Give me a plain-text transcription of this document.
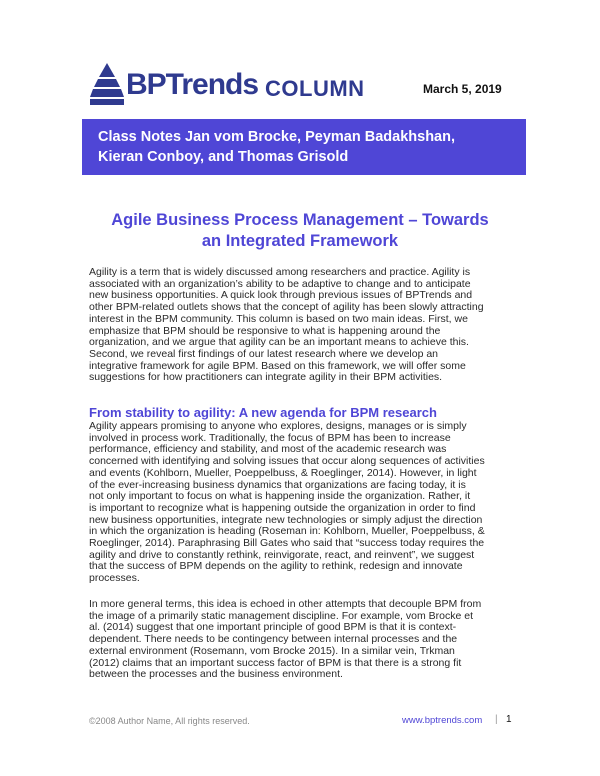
BPTrends COLUMN	March 5, 2019
Class Notes Jan vom Brocke, Peyman Badakhshan,
Kieran Conboy, and Thomas Grisold
Agile Business Process Management – Towards
an Integrated Framework
Agility is a term that is widely discussed among researchers and practice. Agility is
associated with an organization’s ability to be adaptive to change and to anticipate
new business opportunities. A quick look through previous issues of BPTrends and
other BPM-related outlets shows that the concept of agility has been slowly attracting
interest in the BPM community. This column is based on two main ideas. First, we
emphasize that BPM should be responsive to what is happening around the
organization, and we argue that agility can be an important means to achieve this.
Second, we reveal first findings of our latest research where we develop an
integrative framework for agile BPM. Based on this framework, we will offer some
suggestions for how practitioners can integrate agility in their BPM activities.
From stability to agility: A new agenda for BPM research
Agility appears promising to anyone who explores, designs, manages or is simply
involved in process work. Traditionally, the focus of BPM has been to increase
performance, efficiency and stability, and most of the academic research was
concerned with identifying and solving issues that occur along sequences of activities
and events (Kohlborn, Mueller, Poeppelbuss, & Roeglinger, 2014). However, in light
of the ever-increasing business dynamics that organizations are facing today, it is
not only important to focus on what is happening inside the organization. Rather, it
is important to recognize what is happening outside the organization in order to find
new business opportunities, integrate new technologies or simply adjust the direction
in which the organization is heading (Roseman in: Kohlborn, Mueller, Poeppelbuss, &
Roeglinger, 2014). Paraphrasing Bill Gates who said that “success today requires the
agility and drive to constantly rethink, reinvigorate, react, and reinvent”, we suggest
that the success of BPM depends on the agility to rethink, redesign and innovate
processes.
In more general terms, this idea is echoed in other attempts that decouple BPM from
the image of a primarily static management discipline. For example, vom Brocke et
al. (2014) suggest that one important principle of good BPM is that it is context-
dependent. There needs to be contingency between internal processes and the
external environment (Rosemann, vom Brocke 2015). In a similar vein, Trkman
(2012) claims that an important success factor of BPM is that there is a strong fit
between the processes and the business environment.
©2008 Author Name, All rights reserved.	www.bptrends.com | 1
